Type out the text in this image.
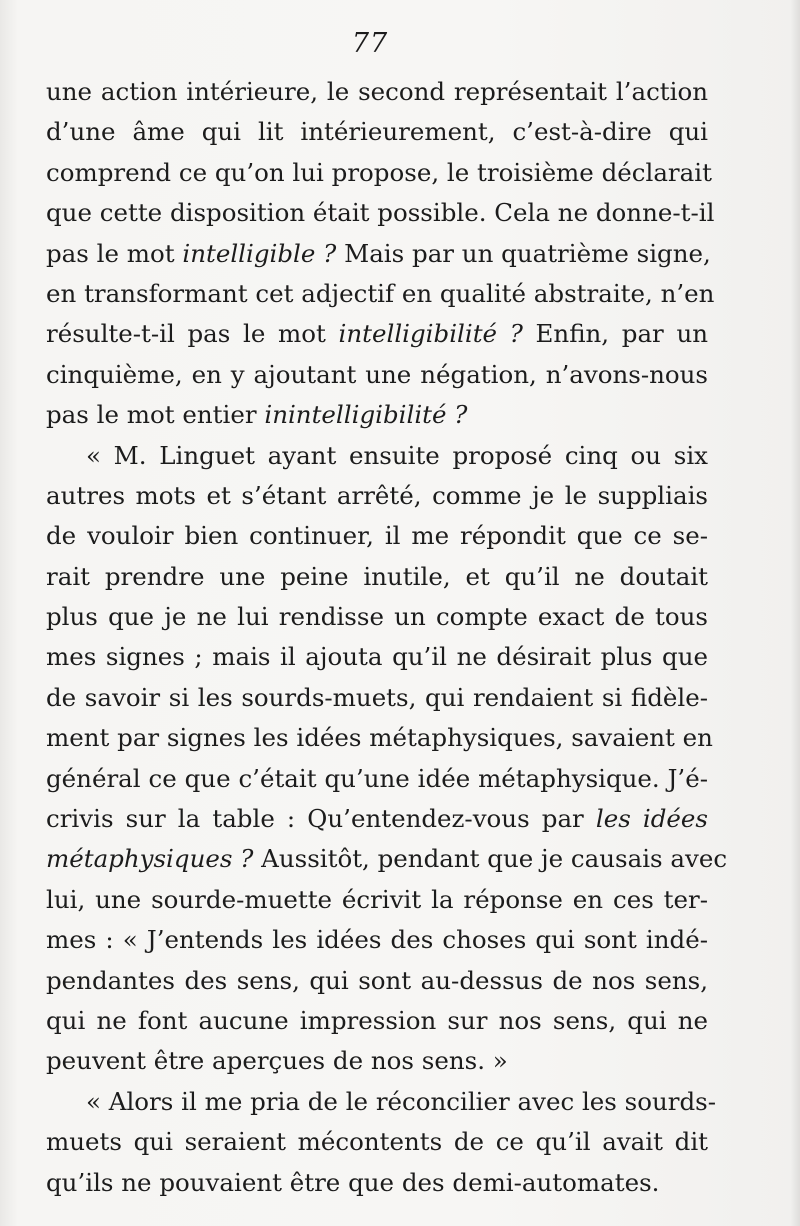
77
une action intérieure, le second représentait l’action
d’une âme qui lit intérieurement, c’est-à-dire qui
comprend ce qu’on lui propose, le troisième déclarait
que cette disposition était possible. Cela ne donne-t-il
pas le mot intelligible ? Mais par un quatrième signe,
en transformant cet adjectif en qualité abstraite, n’en
résulte-t-il pas le mot intelligibilité ? Enfin, par un
cinquième, en y ajoutant une négation, n’avons-nous
pas le mot entier inintelligibilité ?
« M. Linguet ayant ensuite proposé cinq ou six
autres mots et s’étant arrêté, comme je le suppliais
de vouloir bien continuer, il me répondit que ce se-
rait prendre une peine inutile, et qu’il ne doutait
plus que je ne lui rendisse un compte exact de tous
mes signes ; mais il ajouta qu’il ne désirait plus que
de savoir si les sourds-muets, qui rendaient si fidèle-
ment par signes les idées métaphysiques, savaient en
général ce que c’était qu’une idée métaphysique. J’é-
crivis sur la table : Qu’entendez-vous par les idées
métaphysiques ? Aussitôt, pendant que je causais avec
lui, une sourde-muette écrivit la réponse en ces ter-
mes : « J’entends les idées des choses qui sont indé-
pendantes des sens, qui sont au-dessus de nos sens,
qui ne font aucune impression sur nos sens, qui ne
peuvent être aperçues de nos sens. »
« Alors il me pria de le réconcilier avec les sourds-
muets qui seraient mécontents de ce qu’il avait dit
qu’ils ne pouvaient être que des demi-automates.
